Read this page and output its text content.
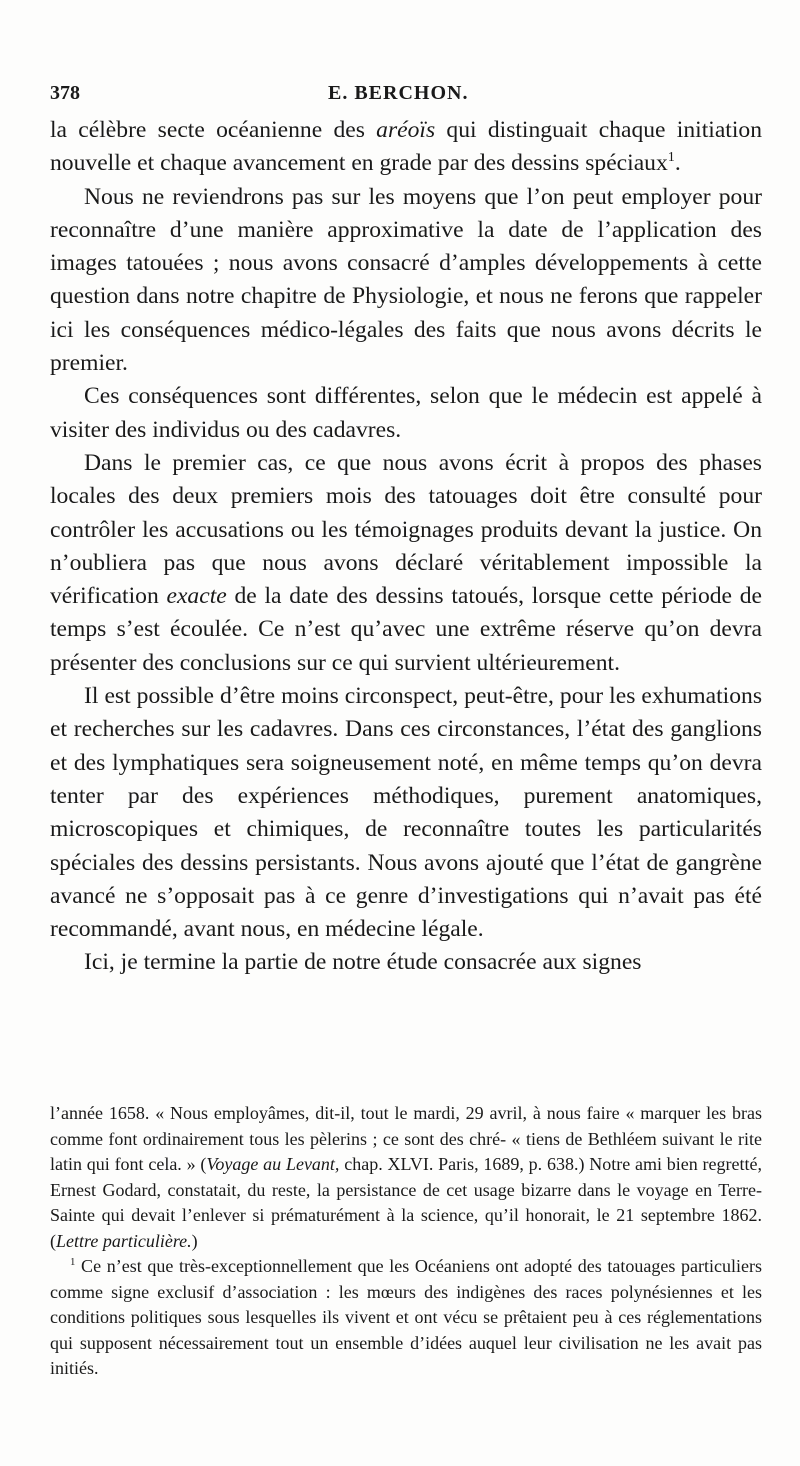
378	E. BERCHON.

la célèbre secte océanienne des aréoïs qui distinguait chaque initiation nouvelle et chaque avancement en grade par des dessins spéciaux$^1$.

Nous ne reviendrons pas sur les moyens que l’on peut employer pour reconnaître d’une manière approximative la date de l’application des images tatouées ; nous avons consacré d’amples développements à cette question dans notre chapitre de Physiologie, et nous ne ferons que rappeler ici les conséquences médico-légales des faits que nous avons décrits le premier.

Ces conséquences sont différentes, selon que le médecin est appelé à visiter des individus ou des cadavres.

Dans le premier cas, ce que nous avons écrit à propos des phases locales des deux premiers mois des tatouages doit être consulté pour contrôler les accusations ou les témoignages produits devant la justice. On n’oubliera pas que nous avons déclaré véritablement impossible la vérification exacte de la date des dessins tatoués, lorsque cette période de temps s’est écoulée. Ce n’est qu’avec une extrême réserve qu’on devra présenter des conclusions sur ce qui survient ultérieurement.

Il est possible d’être moins circonspect, peut-être, pour les exhumations et recherches sur les cadavres. Dans ces circonstances, l’état des ganglions et des lymphatiques sera soigneusement noté, en même temps qu’on devra tenter par des expériences méthodiques, purement anatomiques, microscopiques et chimiques, de reconnaître toutes les particularités spéciales des dessins persistants. Nous avons ajouté que l’état de gangrène avancé ne s’opposait pas à ce genre d’investigations qui n’avait pas été recommandé, avant nous, en médecine légale.

Ici, je termine la partie de notre étude consacrée aux signes

l’année 1658. « Nous employâmes, dit-il, tout le mardi, 29 avril, à nous faire « marquer les bras comme font ordinairement tous les pèlerins ; ce sont des chré- « tiens de Bethléem suivant le rite latin qui font cela. » (Voyage au Levant, chap. XLVI. Paris, 1689, p. 638.) Notre ami bien regretté, Ernest Godard, constatait, du reste, la persistance de cet usage bizarre dans le voyage en Terre-Sainte qui devait l’enlever si prématurément à la science, qu’il honorait, le 21 septembre 1862. (Lettre particulière.)

$^1$ Ce n’est que très-exceptionnellement que les Océaniens ont adopté des tatouages particuliers comme signe exclusif d’association : les mœurs des indigènes des races polynésiennes et les conditions politiques sous lesquelles ils vivent et ont vécu se prêtaient peu à ces réglementations qui supposent nécessairement tout un ensemble d’idées auquel leur civilisation ne les avait pas initiés.
